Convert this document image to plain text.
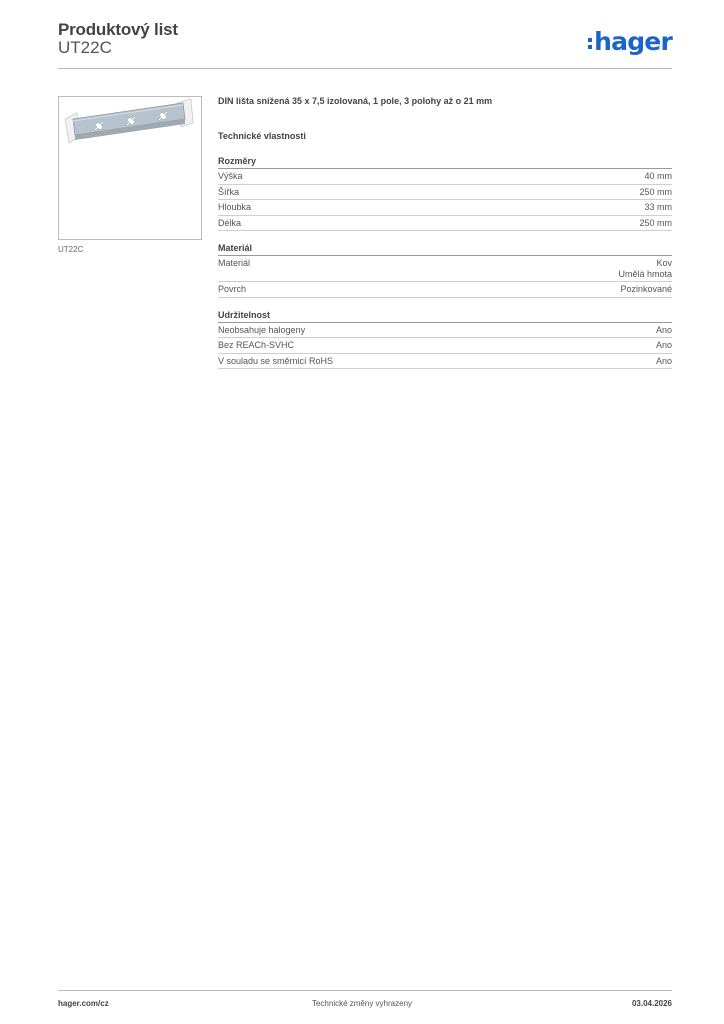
Produktový list
UT22C	hager
UT22C
DIN lišta snížená 35 x 7,5 izolovaná, 1 pole, 3 polohy až o 21 mm
Technické vlastnosti
Rozměry
Výška	40 mm
Šířka	250 mm
Hloubka	33 mm
Délka	250 mm
Materiál
Materiál	Kov
Umělá hmota
Povrch	Pozinkované
Udržitelnost
Neobsahuje halogeny	Ano
Bez REACh-SVHC	Ano
V souladu se směrnicí RoHS	Ano
hager.com/cz	Technické změny vyhrazeny	03.04.2026
